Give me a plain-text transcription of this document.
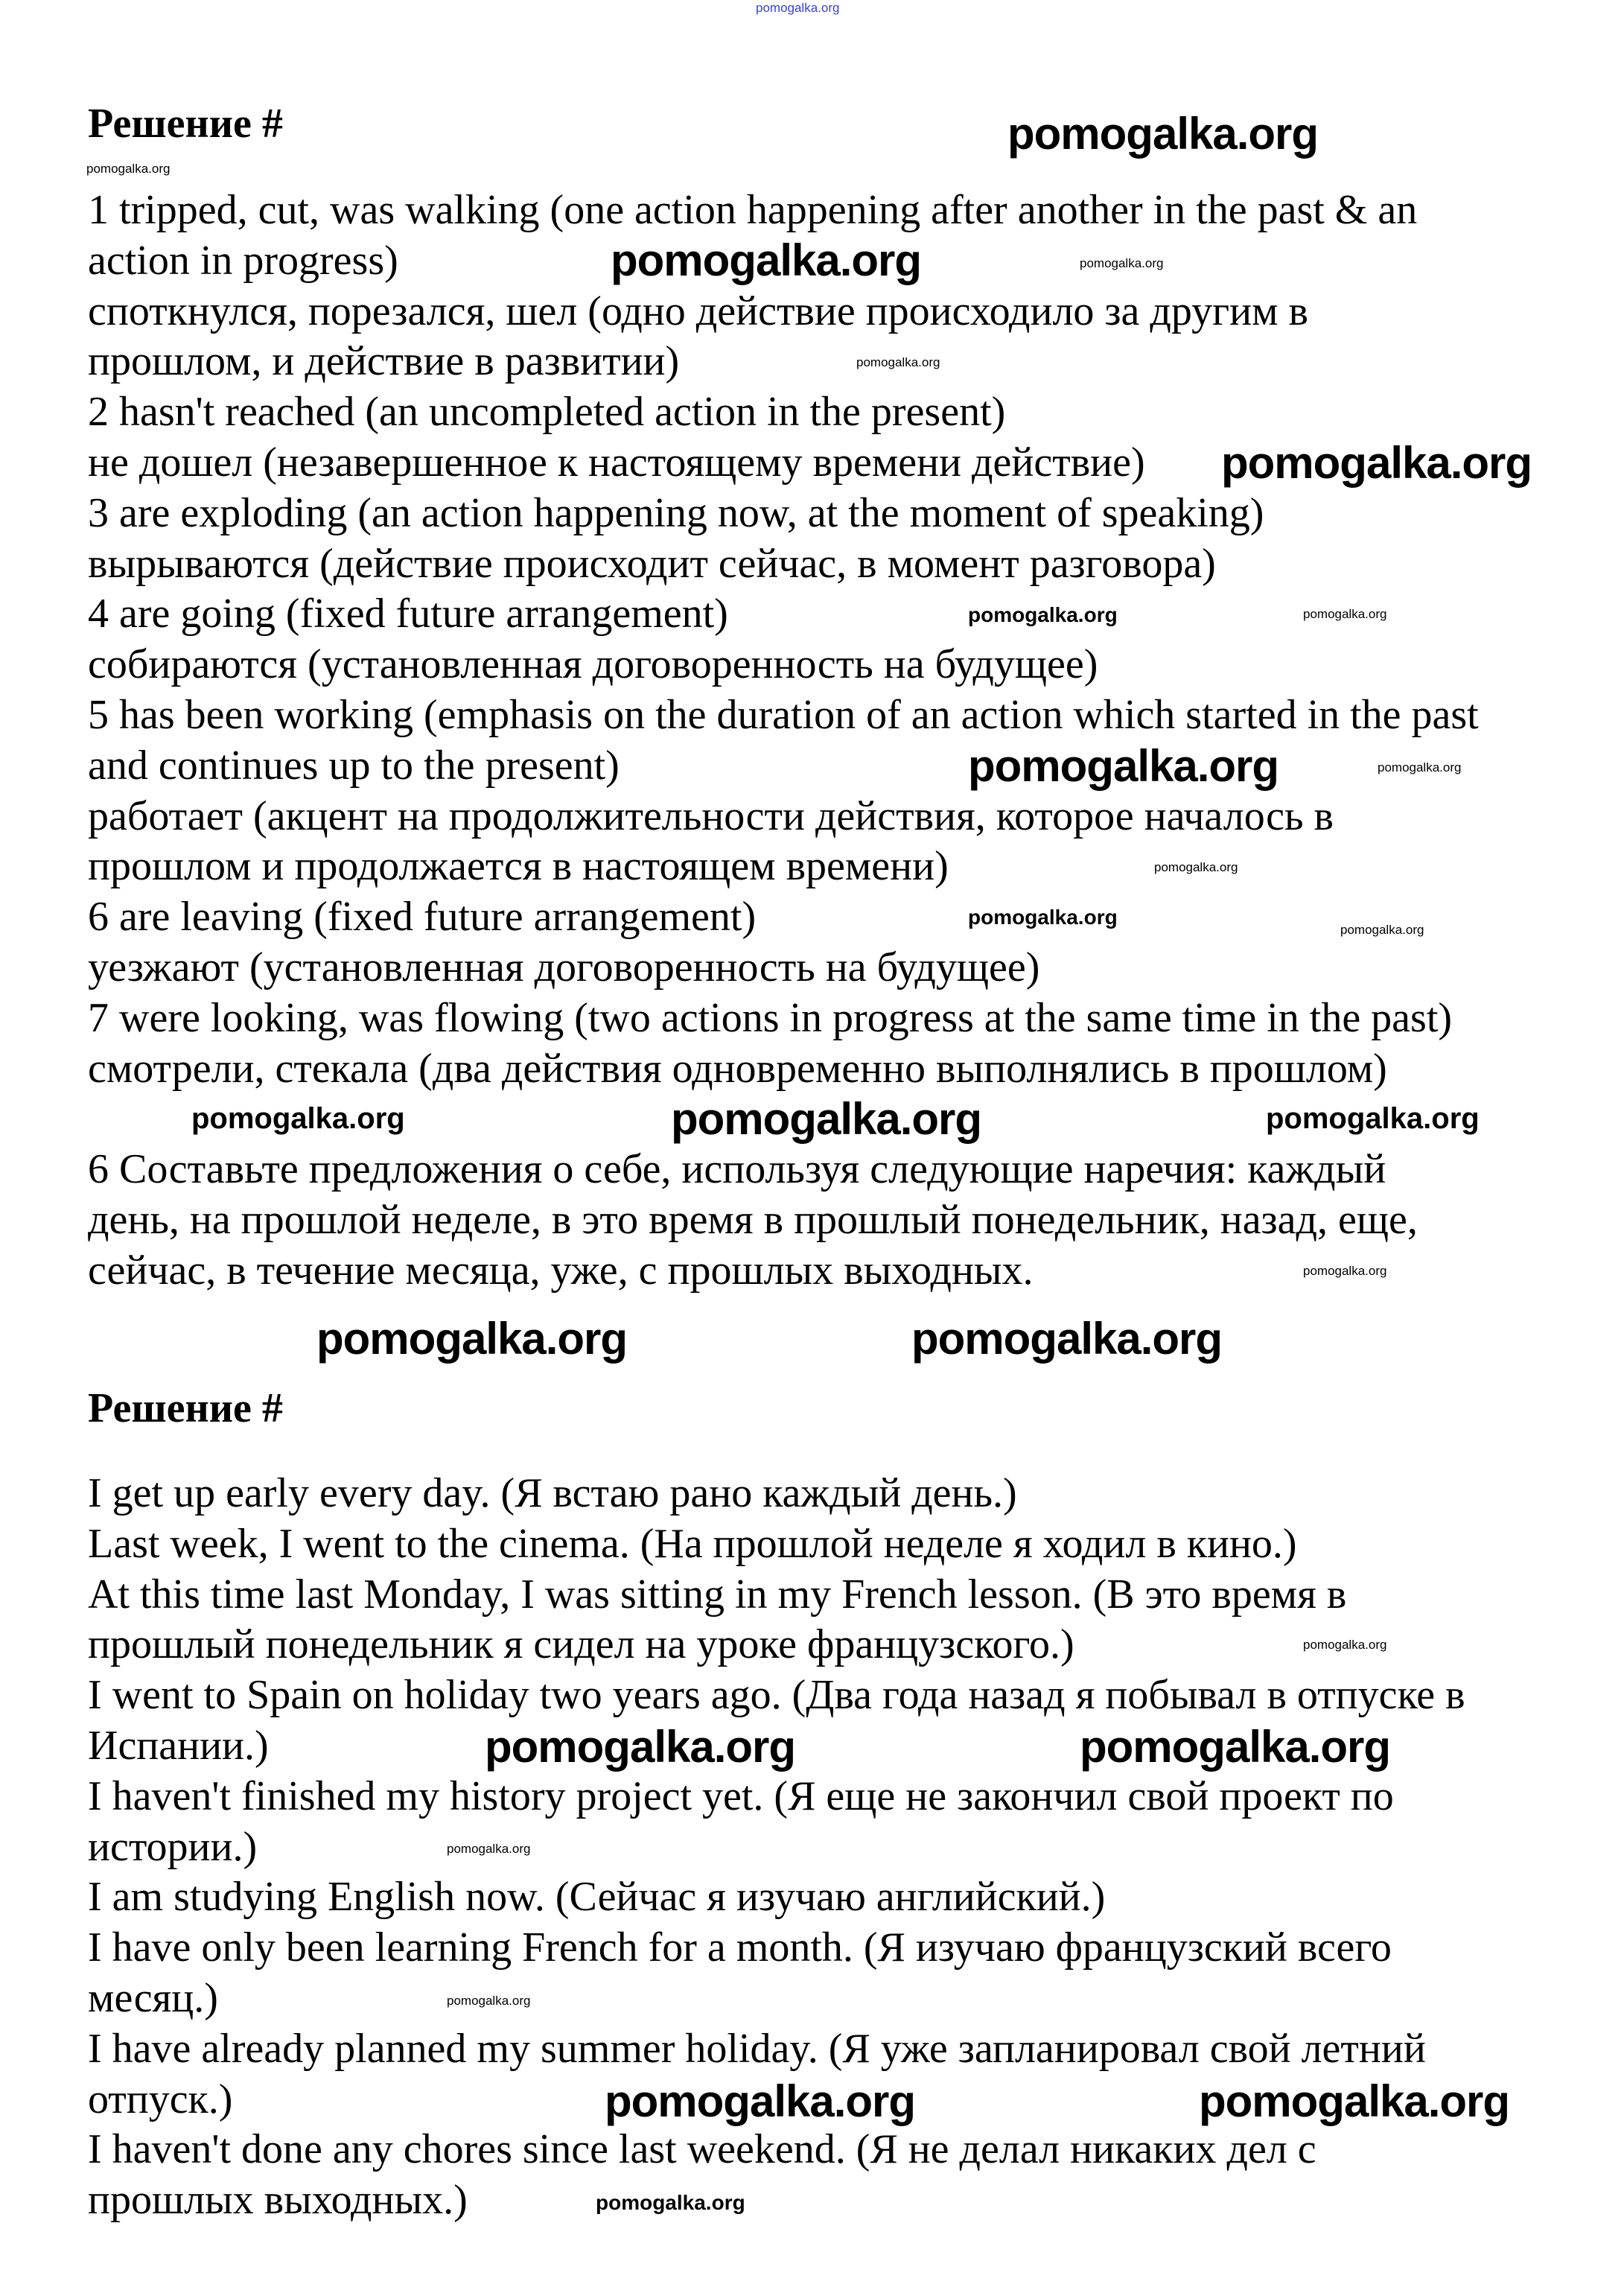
pomogalka.org
Решение #
1 tripped, cut, was walking (one action happening after another in the past & an
action in progress)
споткнулся, порезался, шел (одно действие происходило за другим в
прошлом, и действие в развитии)
2 hasn't reached (an uncompleted action in the present)
не дошел (незавершенное к настоящему времени действие)
3 are exploding (an action happening now, at the moment of speaking)
вырываются (действие происходит сейчас, в момент разговора)
4 are going (fixed future arrangement)
собираются (установленная договоренность на будущее)
5 has been working (emphasis on the duration of an action which started in the past
and continues up to the present)
работает (акцент на продолжительности действия, которое началось в
прошлом и продолжается в настоящем времени)
6 are leaving (fixed future arrangement)
уезжают (установленная договоренность на будущее)
7 were looking, was flowing (two actions in progress at the same time in the past)
смотрели, стекала (два действия одновременно выполнялись в прошлом)
6 Составьте предложения о себе, используя следующие наречия: каждый
день, на прошлой неделе, в это время в прошлый понедельник, назад, еще,
сейчас, в течение месяца, уже, с прошлых выходных.
Решение #
I get up early every day. (Я встаю рано каждый день.)
Last week, I went to the cinema. (На прошлой неделе я ходил в кино.)
At this time last Monday, I was sitting in my French lesson. (В это время в
прошлый понедельник я сидел на уроке французского.)
I went to Spain on holiday two years ago. (Два года назад я побывал в отпуске в
Испании.)
I haven't finished my history project yet. (Я еще не закончил свой проект по
истории.)
I am studying English now. (Сейчас я изучаю английский.)
I have only been learning French for a month. (Я изучаю французский всего
месяц.)
I have already planned my summer holiday. (Я уже запланировал свой летний
отпуск.)
I haven't done any chores since last weekend. (Я не делал никаких дел с
прошлых выходных.)
pomogalka.org
pomogalka.org
pomogalka.org
pomogalka.org
pomogalka.org
pomogalka.org	pomogalka.org
pomogalka.org	pomogalka.org
pomogalka.org	pomogalka.org
pomogalka.org
pomogalka.org
pomogalka.org
pomogalka.org
pomogalka.org
pomogalka.org
pomogalka.org
pomogalka.org
pomogalka.org
pomogalka.org
pomogalka.org
pomogalka.org
pomogalka.org
pomogalka.org
pomogalka.org
pomogalka.org
